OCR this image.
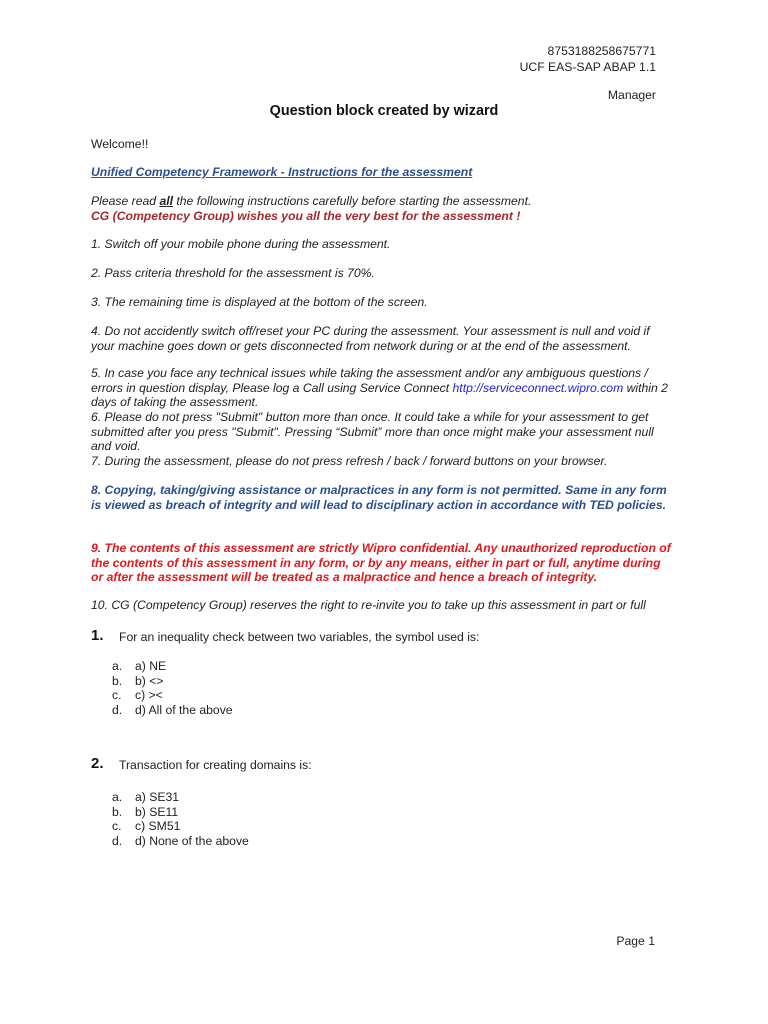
8753188258675771
UCF EAS-SAP ABAP 1.1
Manager
Question block created by wizard
Welcome!!
Unified Competency Framework - Instructions for the assessment
Please read all the following instructions carefully before starting the assessment.
CG (Competency Group) wishes you all the very best for the assessment !
1. Switch off your mobile phone during the assessment.
2. Pass criteria threshold for the assessment is 70%.
3. The remaining time is displayed at the bottom of the screen.
4. Do not accidently switch off/reset your PC during the assessment. Your assessment is null and void if your machine goes down or gets disconnected from network during or at the end of the assessment.
5. In case you face any technical issues while taking the assessment and/or any ambiguous questions / errors in question display, Please log a Call using Service Connect http://serviceconnect.wipro.com within 2 days of taking the assessment.
6. Please do not press "Submit" button more than once. It could take a while for your assessment to get submitted after you press "Submit". Pressing “Submit” more than once might make your assessment null and void.
7. During the assessment, please do not press refresh / back / forward buttons on your browser.
8. Copying, taking/giving assistance or malpractices in any form is not permitted. Same in any form is viewed as breach of integrity and will lead to disciplinary action in accordance with TED policies.
9. The contents of this assessment are strictly Wipro confidential. Any unauthorized reproduction of the contents of this assessment in any form, or by any means, either in part or full, anytime during or after the assessment will be treated as a malpractice and hence a breach of integrity.
10. CG (Competency Group) reserves the right to re-invite you to take up this assessment in part or full
1. For an inequality check between two variables, the symbol used is:
a.	a) NE
b.	b) <>
c.	c) ><
d.	d) All of the above
2. Transaction for creating domains is:
a.	a) SE31
b.	b) SE11
c.	c) SM51
d.	d) None of the above
Page 1
